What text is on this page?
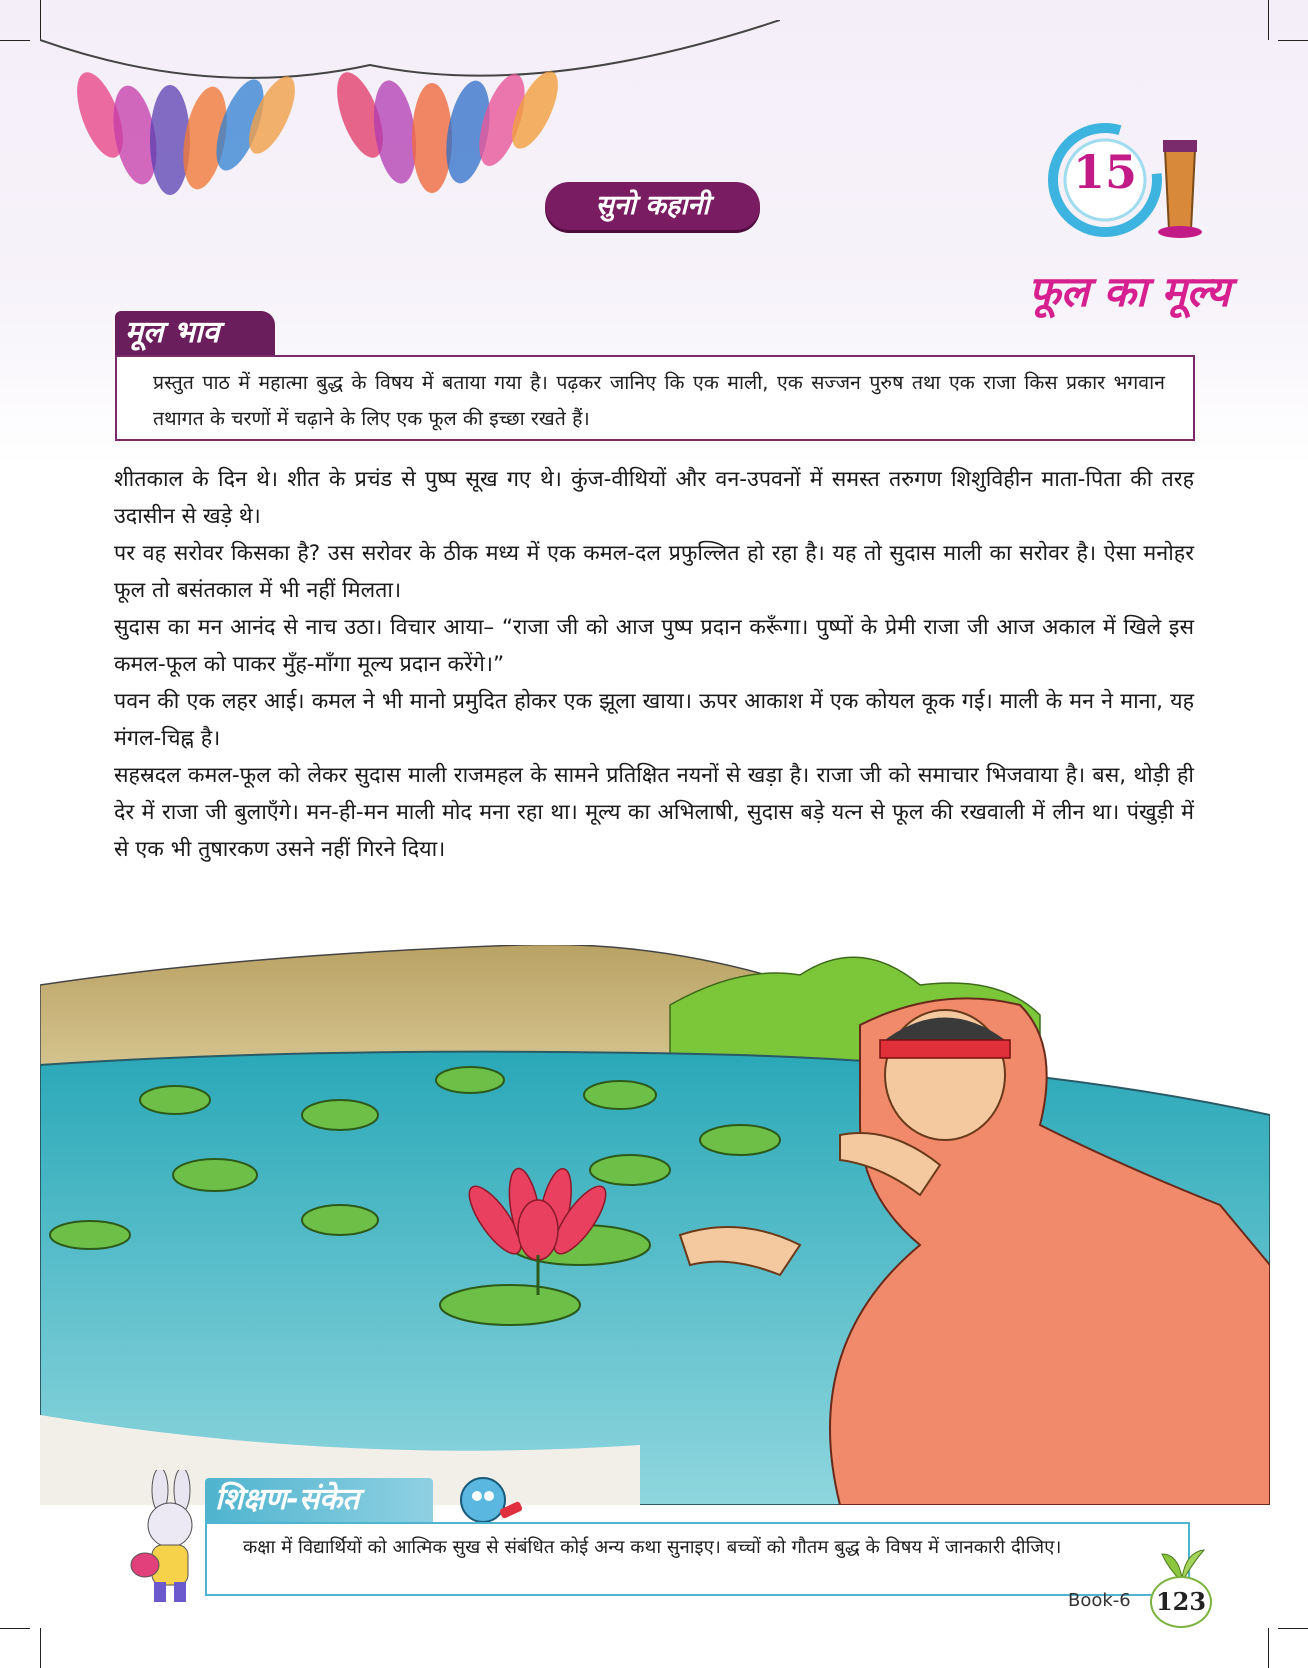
सुनो कहानी
15
फूल का मूल्य
मूल भाव
प्रस्तुत पाठ में महात्मा बुद्ध के विषय में बताया गया है। पढ़कर जानिए कि एक माली, एक सज्जन पुरुष तथा एक राजा किस प्रकार भगवान तथागत के चरणों में चढ़ाने के लिए एक फूल की इच्छा रखते हैं।

शीतकाल के दिन थे। शीत के प्रचंड से पुष्प सूख गए थे। कुंज-वीथियों और वन-उपवनों में समस्त तरुगण शिशुविहीन माता-पिता की तरह उदासीन से खड़े थे।

पर वह सरोवर किसका है? उस सरोवर के ठीक मध्य में एक कमल-दल प्रफुल्लित हो रहा है। यह तो सुदास माली का सरोवर है। ऐसा मनोहर फूल तो बसंतकाल में भी नहीं मिलता।

सुदास का मन आनंद से नाच उठा। विचार आया– “राजा जी को आज पुष्प प्रदान करूँगा। पुष्पों के प्रेमी राजा जी आज अकाल में खिले इस कमल-फूल को पाकर मुँह-माँगा मूल्य प्रदान करेंगे।”

पवन की एक लहर आई। कमल ने भी मानो प्रमुदित होकर एक झूला खाया। ऊपर आकाश में एक कोयल कूक गई। माली के मन ने माना, यह मंगल-चिह्न है।

सहस्रदल कमल-फूल को लेकर सुदास माली राजमहल के सामने प्रतिक्षित नयनों से खड़ा है। राजा जी को समाचार भिजवाया है। बस, थोड़ी ही देर में राजा जी बुलाएँगे। मन-ही-मन माली मोद मना रहा था। मूल्य का अभिलाषी, सुदास बड़े यत्न से फूल की रखवाली में लीन था। पंखुड़ी में से एक भी तुषारकण उसने नहीं गिरने दिया।

शिक्षण-संकेत
कक्षा में विद्यार्थियों को आत्मिक सुख से संबंधित कोई अन्य कथा सुनाइए। बच्चों को गौतम बुद्ध के विषय में जानकारी दीजिए।
Book-6 123
